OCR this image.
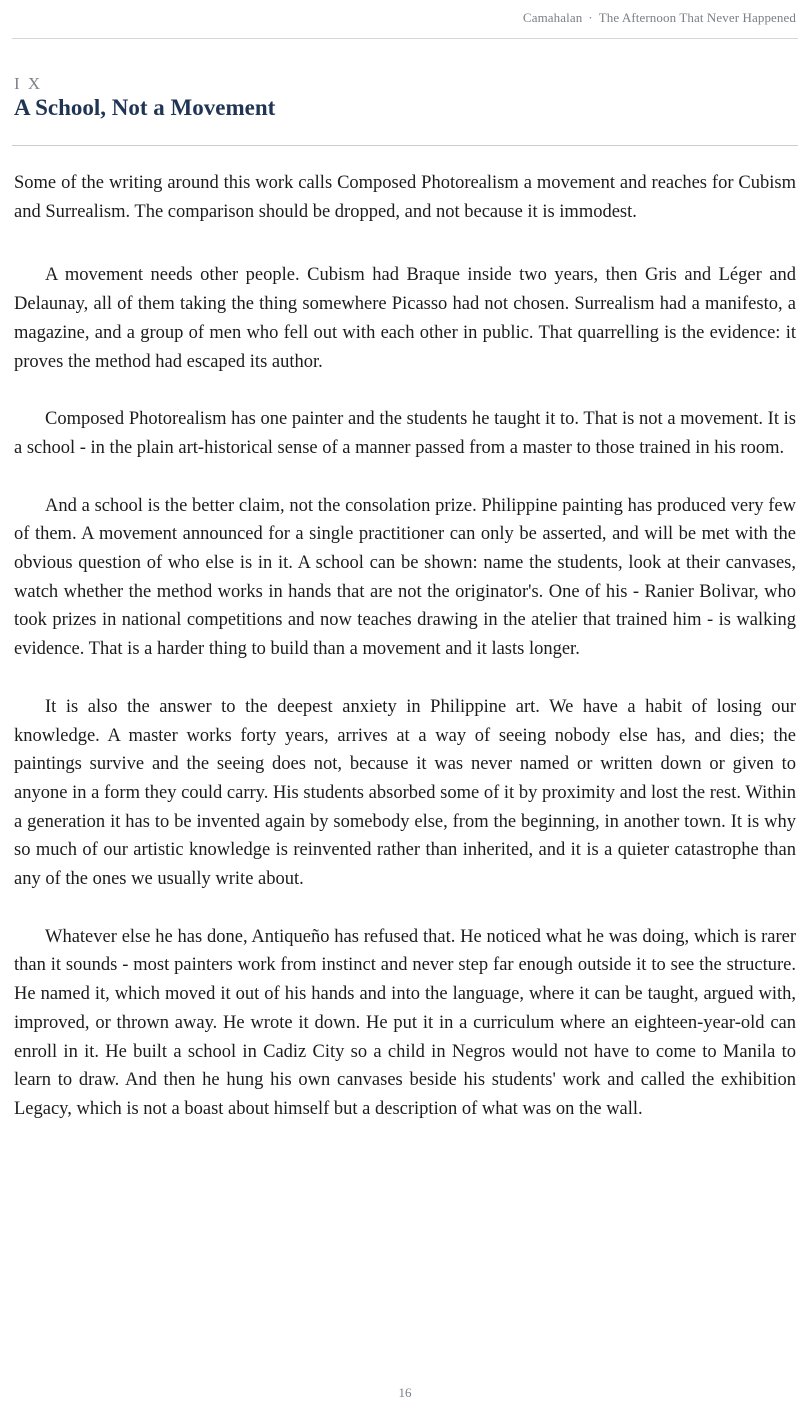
Camahalan · The Afternoon That Never Happened
I X
A School, Not a Movement

Some of the writing around this work calls Composed Photorealism a movement and reaches for Cubism and Surrealism. The comparison should be dropped, and not because it is immodest.

A movement needs other people. Cubism had Braque inside two years, then Gris and Léger and Delaunay, all of them taking the thing somewhere Picasso had not chosen. Surrealism had a manifesto, a magazine, and a group of men who fell out with each other in public. That quarrelling is the evidence: it proves the method had escaped its author.

Composed Photorealism has one painter and the students he taught it to. That is not a movement. It is a school - in the plain art-historical sense of a manner passed from a master to those trained in his room.

And a school is the better claim, not the consolation prize. Philippine painting has produced very few of them. A movement announced for a single practitioner can only be asserted, and will be met with the obvious question of who else is in it. A school can be shown: name the students, look at their canvases, watch whether the method works in hands that are not the originator's. One of his - Ranier Bolivar, who took prizes in national competitions and now teaches drawing in the atelier that trained him - is walking evidence. That is a harder thing to build than a movement and it lasts longer.

It is also the answer to the deepest anxiety in Philippine art. We have a habit of losing our knowledge. A master works forty years, arrives at a way of seeing nobody else has, and dies; the paintings survive and the seeing does not, because it was never named or written down or given to anyone in a form they could carry. His students absorbed some of it by proximity and lost the rest. Within a generation it has to be invented again by somebody else, from the beginning, in another town. It is why so much of our artistic knowledge is reinvented rather than inherited, and it is a quieter catastrophe than any of the ones we usually write about.

Whatever else he has done, Antiqueño has refused that. He noticed what he was doing, which is rarer than it sounds - most painters work from instinct and never step far enough outside it to see the structure. He named it, which moved it out of his hands and into the language, where it can be taught, argued with, improved, or thrown away. He wrote it down. He put it in a curriculum where an eighteen-year-old can enroll in it. He built a school in Cadiz City so a child in Negros would not have to come to Manila to learn to draw. And then he hung his own canvases beside his students' work and called the exhibition Legacy, which is not a boast about himself but a description of what was on the wall.

16
